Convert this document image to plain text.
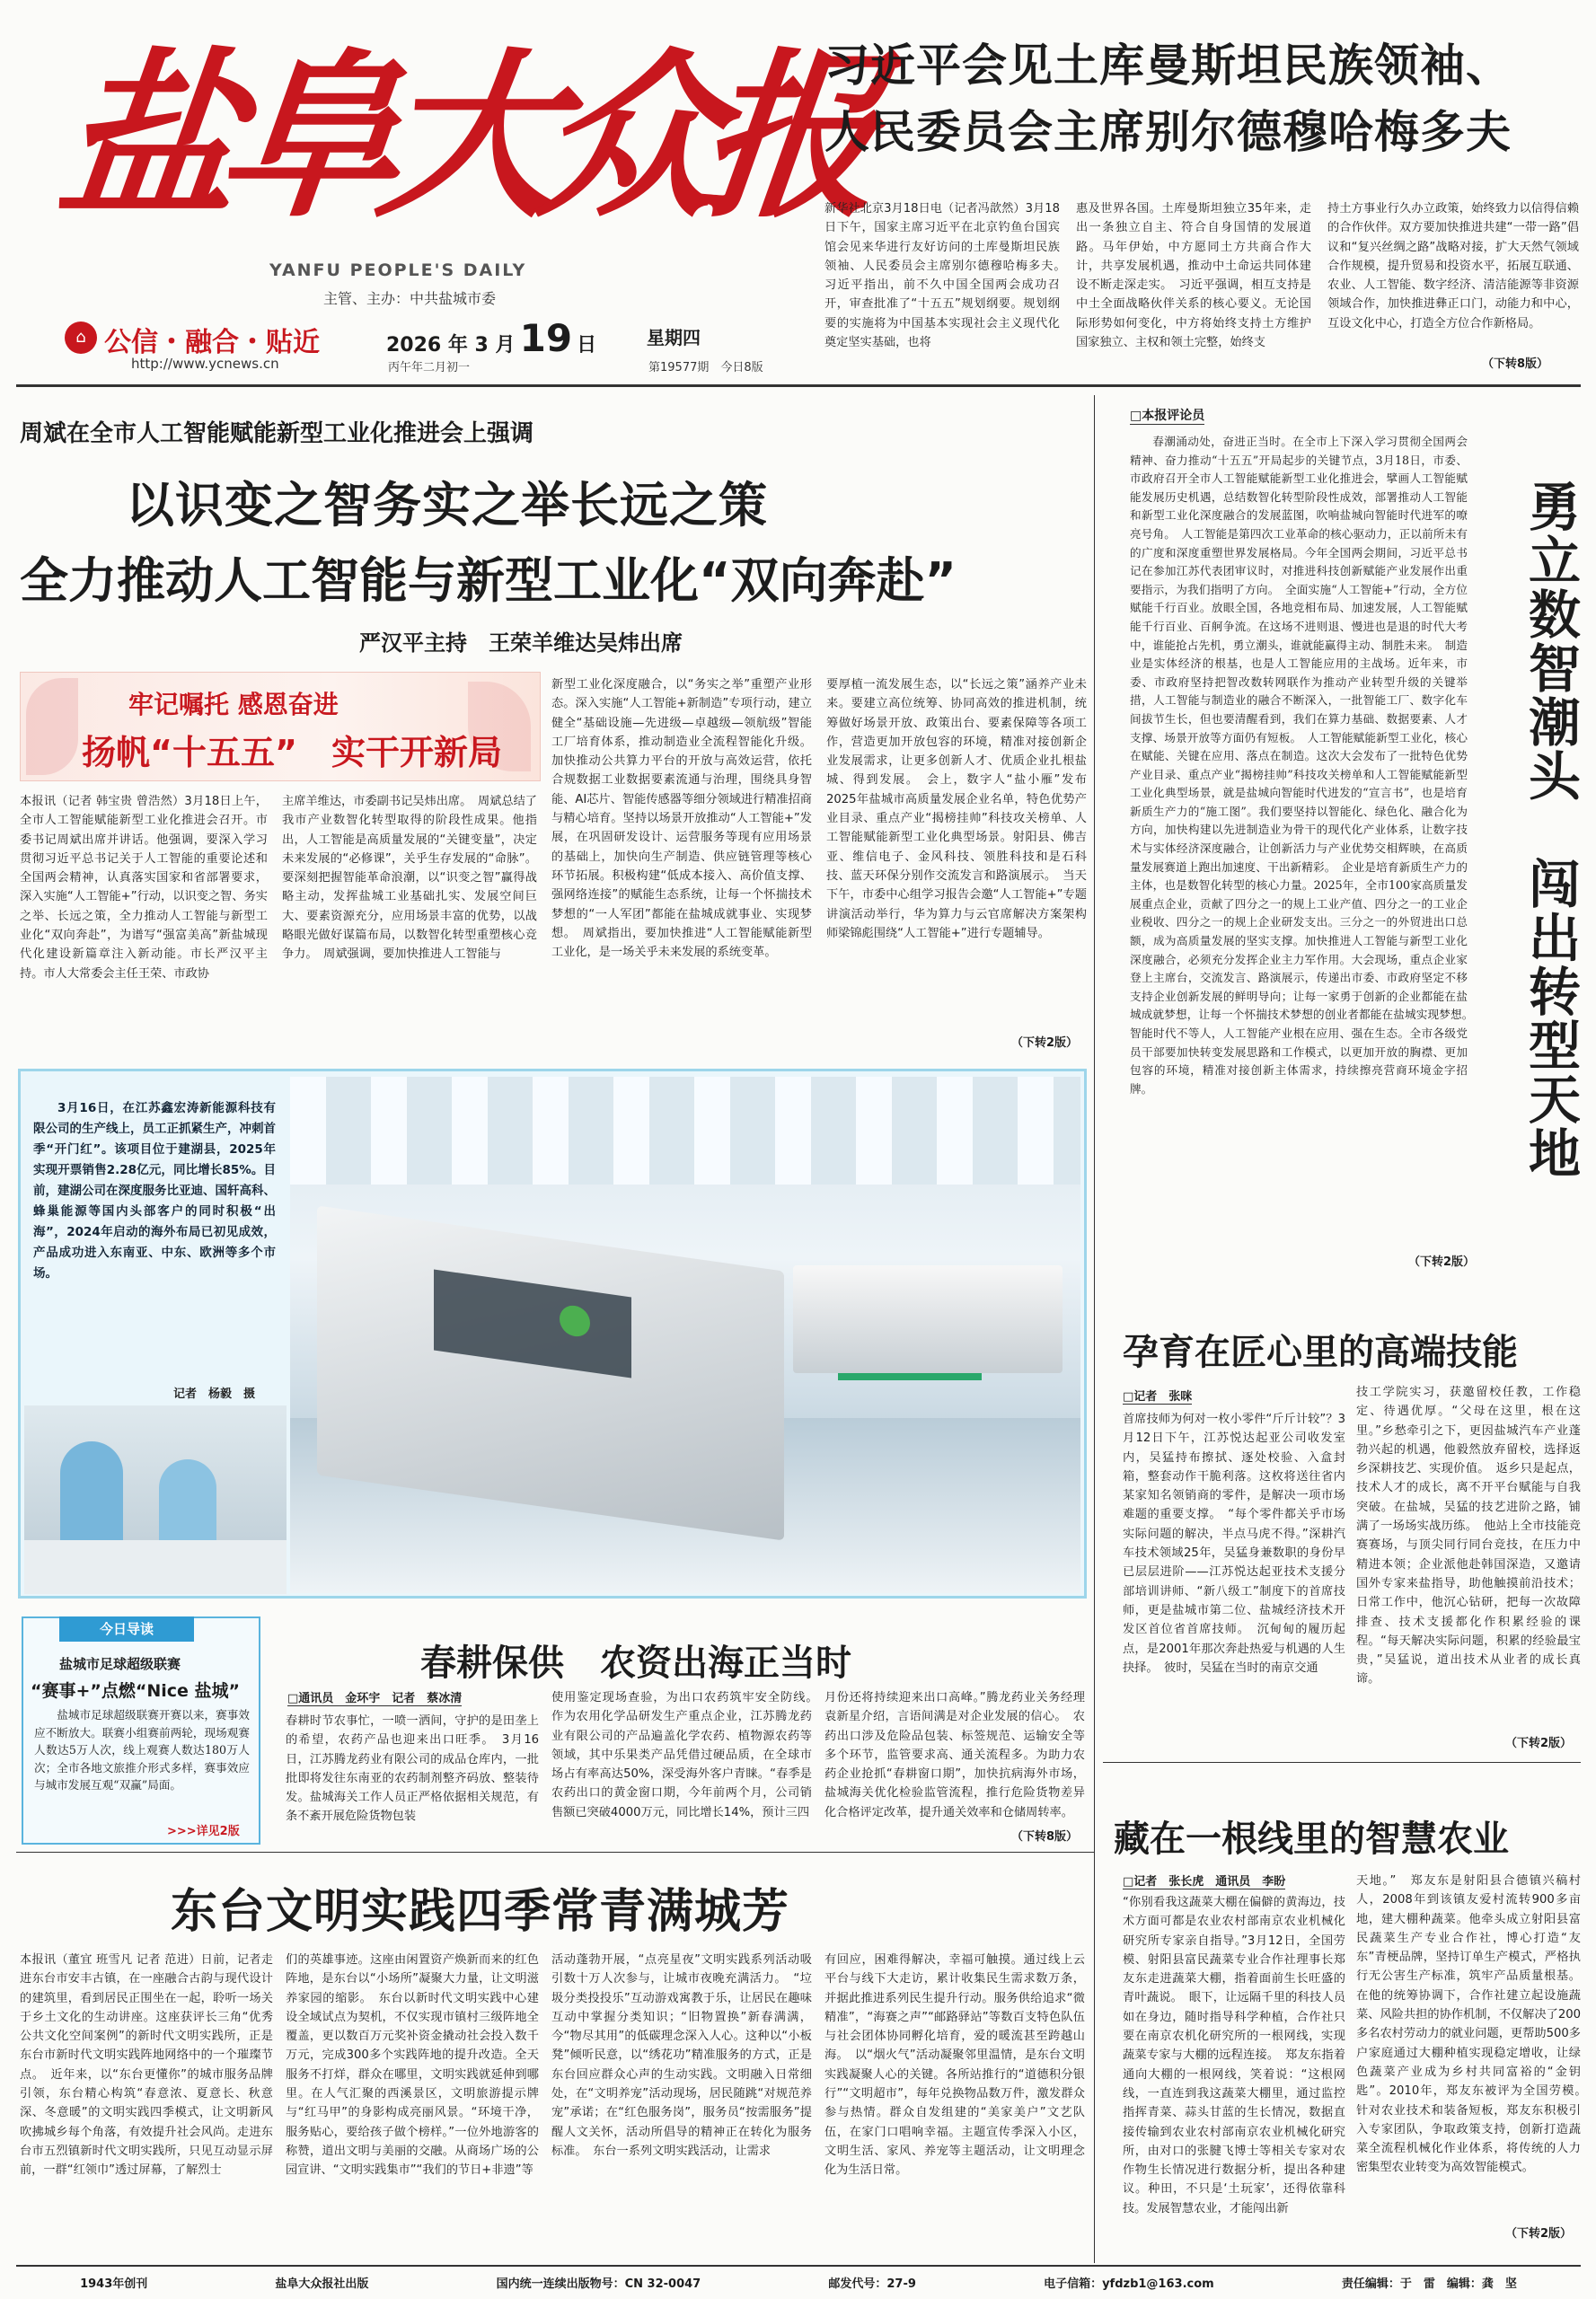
盐阜大众报
YANFU PEOPLE'S DAILY
主管、主办：中共盐城市委
⌂ 公信・融合・贴近
http://www.ycnews.cn
2026 年 3 月 19 日	星期四
丙午年二月初一	第19577期　今日8版
习近平会见土库曼斯坦民族领袖、
人民委员会主席别尔德穆哈梅多夫
新华社北京3月18日电（记者冯歆然）3月18日下午，国家主席习近平在北京钓鱼台国宾馆会见来华进行友好访问的土库曼斯坦民族领袖、人民委员会主席别尔德穆哈梅多夫。　习近平指出，前不久中国全国两会成功召开，审查批准了“十五五”规划纲要。规划纲要的实施将为中国基本实现社会主义现代化奠定坚实基础，也将
惠及世界各国。土库曼斯坦独立35年来，走出一条独立自主、符合自身国情的发展道路。马年伊始，中方愿同土方共商合作大计，共享发展机遇，推动中土命运共同体建设不断走深走实。　习近平强调，相互支持是中土全面战略伙伴关系的核心要义。无论国际形势如何变化，中方将始终支持土方维护国家独立、主权和领土完整，始终支
持土方事业行久办立政策，始终致力以信得信赖的合作伙伴。双方要加快推进共建“一带一路”倡议和“复兴丝绸之路”战略对接，扩大天然气领域合作规模，提升贸易和投资水平，拓展互联通、农业、人工智能、数字经济、清洁能源等非资源领域合作，加快推进彝正口门，动能力和中心，互设文化中心，打造全方位合作新格局。
（下转8版）
周斌在全市人工智能赋能新型工业化推进会上强调
以识变之智务实之举长远之策
全力推动人工智能与新型工业化“双向奔赴”
严汉平主持　王荣羊维达吴炜出席
牢记嘱托 感恩奋进
扬帆“十五五”　实干开新局
本报讯（记者 韩宝贵 曾浩然）3月18日上午，全市人工智能赋能新型工业化推进会召开。市委书记周斌出席并讲话。他强调，要深入学习贯彻习近平总书记关于人工智能的重要论述和全国两会精神，认真落实国家和省部署要求，深入实施“人工智能+”行动，以识变之智、务实之举、长远之策，全力推动人工智能与新型工业化“双向奔赴”，为谱写“强富美高”新盐城现代化建设新篇章注入新动能。市长严汉平主持。市人大常委会主任王荣、市政协
主席羊维达，市委副书记吴炜出席。　周斌总结了我市产业数智化转型取得的阶段性成果。他指出，人工智能是高质量发展的“关键变量”，决定未来发展的“必修课”，关乎生存发展的“命脉”。要深刻把握智能革命浪潮，以“识变之智”赢得战略主动，发挥盐城工业基础扎实、发展空间巨大、要素资源充分，应用场景丰富的优势，以战略眼光做好谋篇布局，以数智化转型重塑核心竞争力。　周斌强调，要加快推进人工智能与
新型工业化深度融合，以“务实之举”重塑产业形态。深入实施“人工智能+新制造”专项行动，建立健全“基础设施—先进级—卓越级—领航级”智能工厂培育体系，推动制造业全流程智能化升级。加快推动公共算力平台的开放与高效运营，依托合规数据工业数据要素流通与治理，围绕具身智能、AI芯片、智能传感器等细分领域进行精准招商与精心培育。坚持以场景开放推动“人工智能+”发展，在巩固研发设计、运营服务等现有应用场景的基础上，加快向生产制造、供应链管理等核心环节拓展。积极构建“低成本接入、高价值支撑、强网络连接”的赋能生态系统，让每一个怀揣技术梦想的“一人军团”都能在盐城成就事业、实现梦想。　周斌指出，要加快推进“人工智能赋能新型工业化，是一场关乎未来发展的系统变革。
要厚植一流发展生态，以“长远之策”涵养产业未来。要建立高位统筹、协同高效的推进机制，统筹做好场景开放、政策出台、要素保障等各项工作，营造更加开放包容的环境，精准对接创新企业发展需求，让更多创新人才、优质企业扎根盐城、得到发展。　会上，数字人“盐小雁”发布2025年盐城市高质量发展企业名单，特色优势产业目录、重点产业“揭榜挂帅”科技攻关榜单、人工智能赋能新型工业化典型场景。射阳县、佛吉亚、维信电子、金风科技、领胜科技和是石科技、蓝天环保分别作交流发言和路演展示。　当天下午，市委中心组学习报告会邀“人工智能+”专题讲演活动举行，华为算力与云官席解决方案架构师梁锦彪围绕“人工智能+”进行专题辅导。
（下转2版）

3月16日，在江苏鑫宏涛新能源科技有限公司的生产线上，员工正抓紧生产，冲刺首季“开门红”。该项目位于建湖县，2025年实现开票销售2.28亿元，同比增长85%。目前，建湖公司在深度服务比亚迪、国轩高科、蜂巢能源等国内头部客户的同时积极“出海”，2024年启动的海外布局已初见成效，产品成功进入东南亚、中东、欧洲等多个市场。

记者　杨毅　摄
□本报评论员

春潮涌动处，奋进正当时。在全市上下深入学习贯彻全国两会精神、奋力推动“十五五”开局起步的关键节点，3月18日，市委、市政府召开全市人工智能赋能新型工业化推进会，擘画人工智能赋能发展历史机遇，总结数智化转型阶段性成效，部署推动人工智能和新型工业化深度融合的发展蓝图，吹响盐城向智能时代进军的嘹亮号角。　人工智能是第四次工业革命的核心驱动力，正以前所未有的广度和深度重塑世界发展格局。今年全国两会期间，习近平总书记在参加江苏代表团审议时，对推进科技创新赋能产业发展作出重要指示，为我们指明了方向。　全面实施“人工智能+”行动，全方位赋能千行百业。放眼全国，各地竞相布局、加速发展，人工智能赋能千行百业、百舸争流。在这场不进则退、慢进也是退的时代大考中，谁能抢占先机，勇立潮头，谁就能赢得主动、制胜未来。　制造业是实体经济的根基，也是人工智能应用的主战场。近年来，市委、市政府坚持把智改数转网联作为推动产业转型升级的关键举措，人工智能与制造业的融合不断深入，一批智能工厂、数字化车间拔节生长，但也要清醒看到，我们在算力基础、数据要素、人才支撑、场景开放等方面仍有短板。　人工智能赋能新型工业化，核心在赋能、关键在应用、落点在制造。这次大会发布了一批特色优势产业目录、重点产业“揭榜挂帅”科技攻关榜单和人工智能赋能新型工业化典型场景，就是盐城向智能时代进发的“宣言书”，也是培育新质生产力的“施工图”。我们要坚持以智能化、绿色化、融合化为方向，加快构建以先进制造业为骨干的现代化产业体系，让数字技术与实体经济深度融合，让创新活力与产业优势交相辉映，在高质量发展赛道上跑出加速度、干出新精彩。　企业是培育新质生产力的主体，也是数智化转型的核心力量。2025年，全市100家高质量发展重点企业，贡献了四分之一的规上工业产值、四分之一的工业企业税收、四分之一的规上企业研发支出。三分之一的外贸进出口总额，成为高质量发展的坚实支撑。加快推进人工智能与新型工业化深度融合，必须充分发挥企业主力军作用。大会现场，重点企业家登上主席台，交流发言、路演展示，传递出市委、市政府坚定不移支持企业创新发展的鲜明导向；让每一家勇于创新的企业都能在盐城成就梦想，让每一个怀揣技术梦想的创业者都能在盐城实现梦想。　智能时代不等人，人工智能产业根在应用、强在生态。全市各级党员干部要加快转变发展思路和工作模式，以更加开放的胸襟、更加包容的环境，精准对接创新主体需求，持续擦亮营商环境金字招牌。

（下转2版）
勇立数智潮头　闯出转型天地
孕育在匠心里的高端技能
□记者　张咪
首席技师为何对一枚小零件“斤斤计较”？3月12日下午，江苏悦达起亚公司收发室内，吴猛持布擦拭、逐处校验、入盒封箱，整套动作干脆利落。这枚将送往省内某家知名领销商的零件，是解决一项市场难题的重要支撑。　“每个零件都关乎市场实际问题的解决，半点马虎不得。”深耕汽车技术领域25年，吴猛身兼数职的身份早已层层进阶——江苏悦达起亚技术支援分部培训讲师、“新八级工”制度下的首席技师，更是盐城市第二位、盐城经济技术开发区首位省首席技师。　沉甸甸的履历起点，是2001年那次奔赴热爱与机遇的人生抉择。　彼时，吴猛在当时的南京交通
技工学院实习，获邀留校任教，工作稳定、待遇优厚。“父母在这里，根在这里。”乡愁牵引之下，更因盐城汽车产业蓬勃兴起的机遇，他毅然放弃留校，选择返乡深耕技艺、实现价值。　返乡只是起点，技术人才的成长，离不开平台赋能与自我突破。在盐城，吴猛的技艺进阶之路，铺满了一场场实战历练。　他站上全市技能竞赛赛场，与顶尖同行同台竞技，在压力中精进本领；企业派他赴韩国深造，又邀请国外专家来盐指导，助他触摸前沿技术；日常工作中，他沉心钻研，把每一次故障排查、技术支援都化作积累经验的课程。“每天解决实际问题，积累的经验最宝贵，”吴猛说，道出技术从业者的成长真谛。
（下转2版）
藏在一根线里的智慧农业
□记者　张长虎　通讯员　李盼
“你别看我这蔬菜大棚在偏僻的黄海边，技术方面可都是农业农村部南京农业机械化研究所专家亲自指导。”3月12日，全国劳模、射阳县富民蔬菜专业合作社理事长郑友东走进蔬菜大棚，指着面前生长旺盛的青叶蔬说。　眼下，让远隔千里的科技人员如在身边，随时指导科学种植，合作社只要在南京农机化研究所的一根网线，实现蔬菜专家与大棚的远程连接。　郑友东指着通向大棚的一根网线，笑着说：“这根网线，一直连到我这蔬菜大棚里，通过监控指挥青菜、蒜头甘蓝的生长情况，数据直接传输到农业农村部南京农业机械化研究所，由对口的张腱飞博士等相关专家对农作物生长情况进行数据分析，提出各种建议。种田，不只是‘土玩家’，还得依靠科技。发展智慧农业，才能闯出新
天地。”　郑友东是射阳县合德镇兴稿村人，2008年到该镇友爱村流转900多亩地，建大棚种蔬菜。他牵头成立射阳县富民蔬菜生产专业合作社，博心打造“友东”青梗品牌，坚持订单生产模式，严格执行无公害生产标准，筑牢产品质量根基。在他的统筹协调下，合作社建立起设施蔬菜、风险共担的协作机制，不仅解决了200多名农村劳动力的就业问题，更帮助500多户家庭通过大棚种植实现稳定增收，让绿色蔬菜产业成为乡村共同富裕的“金钥匙”。2010年，郑友东被评为全国劳模。　针对农业技术和装备短板，郑友东积极引入专家团队，争取政策支持，创新打造蔬菜全流程机械化作业体系，将传统的人力密集型农业转变为高效智能模式。
（下转2版）
今日导读
盐城市足球超级联赛
“赛事+”点燃“Nice 盐城”

盐城市足球超级联赛开赛以来，赛事效应不断放大。联赛小组赛前两轮，现场观赛人数达5万人次，线上观赛人数达180万人次；全市各地文旅推介形式多样，赛事效应与城市发展互观“双赢”局面。

>>>详见2版
春耕保供　农资出海正当时
□通讯员　金环宇　记者　蔡冰清
春耕时节农事忙，一喷一洒间，守护的是田垄上的希望，农药产品也迎来出口旺季。　3月16日，江苏腾龙药业有限公司的成品仓库内，一批批即将发往东南亚的农药制剂整齐码放、整装待发。盐城海关工作人员正严格依据相关规范，有条不紊开展危险货物包装
使用鉴定现场查验，为出口农药筑牢安全防线。　作为农用化学品研发生产重点企业，江苏腾龙药业有限公司的产品遍盖化学农药、植物源农药等领域，其中乐果类产品凭借过硬品质，在全球市场占有率高达50%，深受海外客户青睐。“春季是农药出口的黄金窗口期，今年前两个月，公司销售额已突破4000万元，同比增长14%，预计三四
月份还将持续迎来出口高峰。”腾龙药业关务经理袁新星介绍，言语间满是对企业发展的信心。　农药出口涉及危险品包装、标签规范、运输安全等多个环节，监管要求高、通关流程多。为助力农药企业抢抓“春耕窗口期”，加快抗病海外市场，盐城海关优化检验监管流程，推行危险货物差异化合格评定改革，提升通关效率和仓储周转率。
（下转8版）
东台文明实践四季常青满城芳
本报讯（董宜 班雪凡 记者 范进）日前，记者走进东台市安丰古镇，在一座融合古韵与现代设计的建筑里，看到居民正围坐在一起，聆听一场关于乡土文化的生动讲座。这座获评长三角“优秀公共文化空间案例”的新时代文明实践所，正是东台市新时代文明实践阵地网络中的一个璀璨节点。　近年来，以“东台更懂你”的城市服务品牌引领，东台精心构筑“春意浓、夏意长、秋意深、冬意暖”的文明实践四季模式，让文明新风吹拂城乡每个角落，有效提升社会风尚。走进东台市五烈镇新时代文明实践所，只见互动显示屏前，一群“红领巾”透过屏幕，了解烈士
们的英雄事迹。这座由闲置资产焕新而来的红色阵地，是东台以“小场所”凝聚大力量，让文明滋养家园的缩影。　东台以新时代文明实践中心建设全域试点为契机，不仅实现市镇村三级阵地全覆盖，更以数百万元奖补资金撬动社会投入数千万元，完成300多个实践阵地的提升改造。全天服务不打烊，群众在哪里，文明实践就延伸到哪里。在人气汇聚的西溪景区，文明旅游提示牌与“红马甲”的身影构成亮丽风景。“环境干净，服务贴心，要给孩子做个榜样。”一位外地游客的称赞，道出文明与美丽的交融。从商场广场的公园宣讲、“文明实践集市”“我们的节日+非遗”等
活动蓬勃开展，“点亮星夜”文明实践系列活动吸引数十万人次参与，让城市夜晚充满活力。　“垃圾分类投投乐”互动游戏寓教于乐，让居民在趣味互动中掌握分类知识；“旧物置换”新春满满，今“物尽其用”的低碳理念深入人心。这种以“小板凳”倾听民意，以“绣花功”精准服务的方式，正是东台回应群众心声的生动实践。文明融入日常细处，在“文明养宠”活动现场，居民随跳“对规范养宠”承诺；在“红色服务岗”，服务员“按需服务”提醒人文关怀，活动所倡导的精神正在转化为服务标准。　东台一系列文明实践活动，让需求
有回应，困难得解决，幸福可触摸。通过线上云平台与线下大走访，累计收集民生需求数万条，并据此推进系列民生提升行动。服务供给追求“微精准”，“海赛之声”“邮路驿站”等数百支特色队伍与社会团体协同孵化培育，爱的暖流甚至跨越山海。　以“烟火气”活动凝聚邻里温情，是东台文明实践凝聚人心的关键。各所站推行的“道德积分银行”“文明超市”，每年兑换物品数万件，激发群众参与热情。群众自发组建的“美家美户”文艺队伍，在家门口唱响幸福。主题宣传季深入小区，文明生活、家风、养宠等主题活动，让文明理念化为生活日常。
1943年创刊	盐阜大众报社出版	国内统一连续出版物号：CN 32-0047	邮发代号：27-9	电子信箱：yfdzb1@163.com	责任编辑：于　雷　编辑：龚　坚
